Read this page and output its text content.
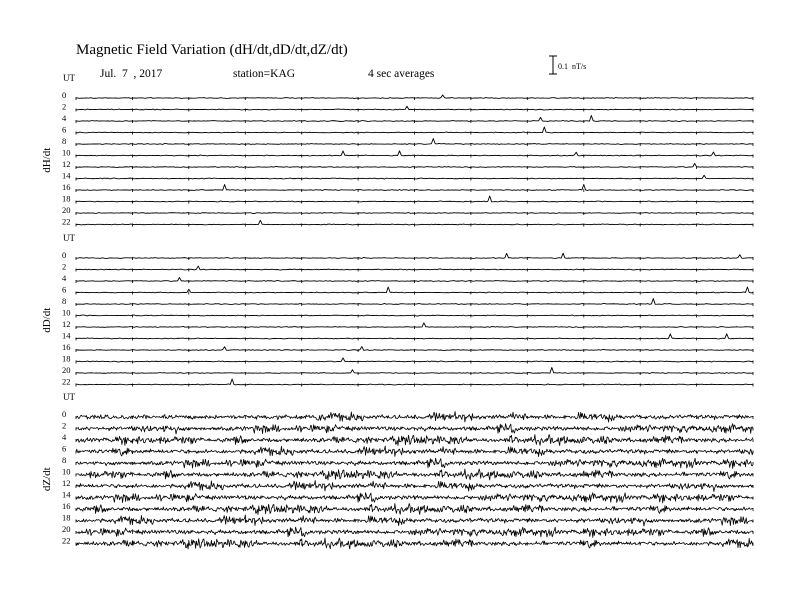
Magnetic Field Variation (dH/dt,dD/dt,dZ/dt)
Jul.  7  , 2017	station=KAG	4 sec averages
0.1  nT/s
UT
dH/dt
0
2
4
6
8
10
12
14
16
18
20
22
UT
dD/dt
0
2
4
6
8
10
12
14
16
18
20
22
UT
dZ/dt
0
2
4
6
8
10
12
14
16
18
20
22
